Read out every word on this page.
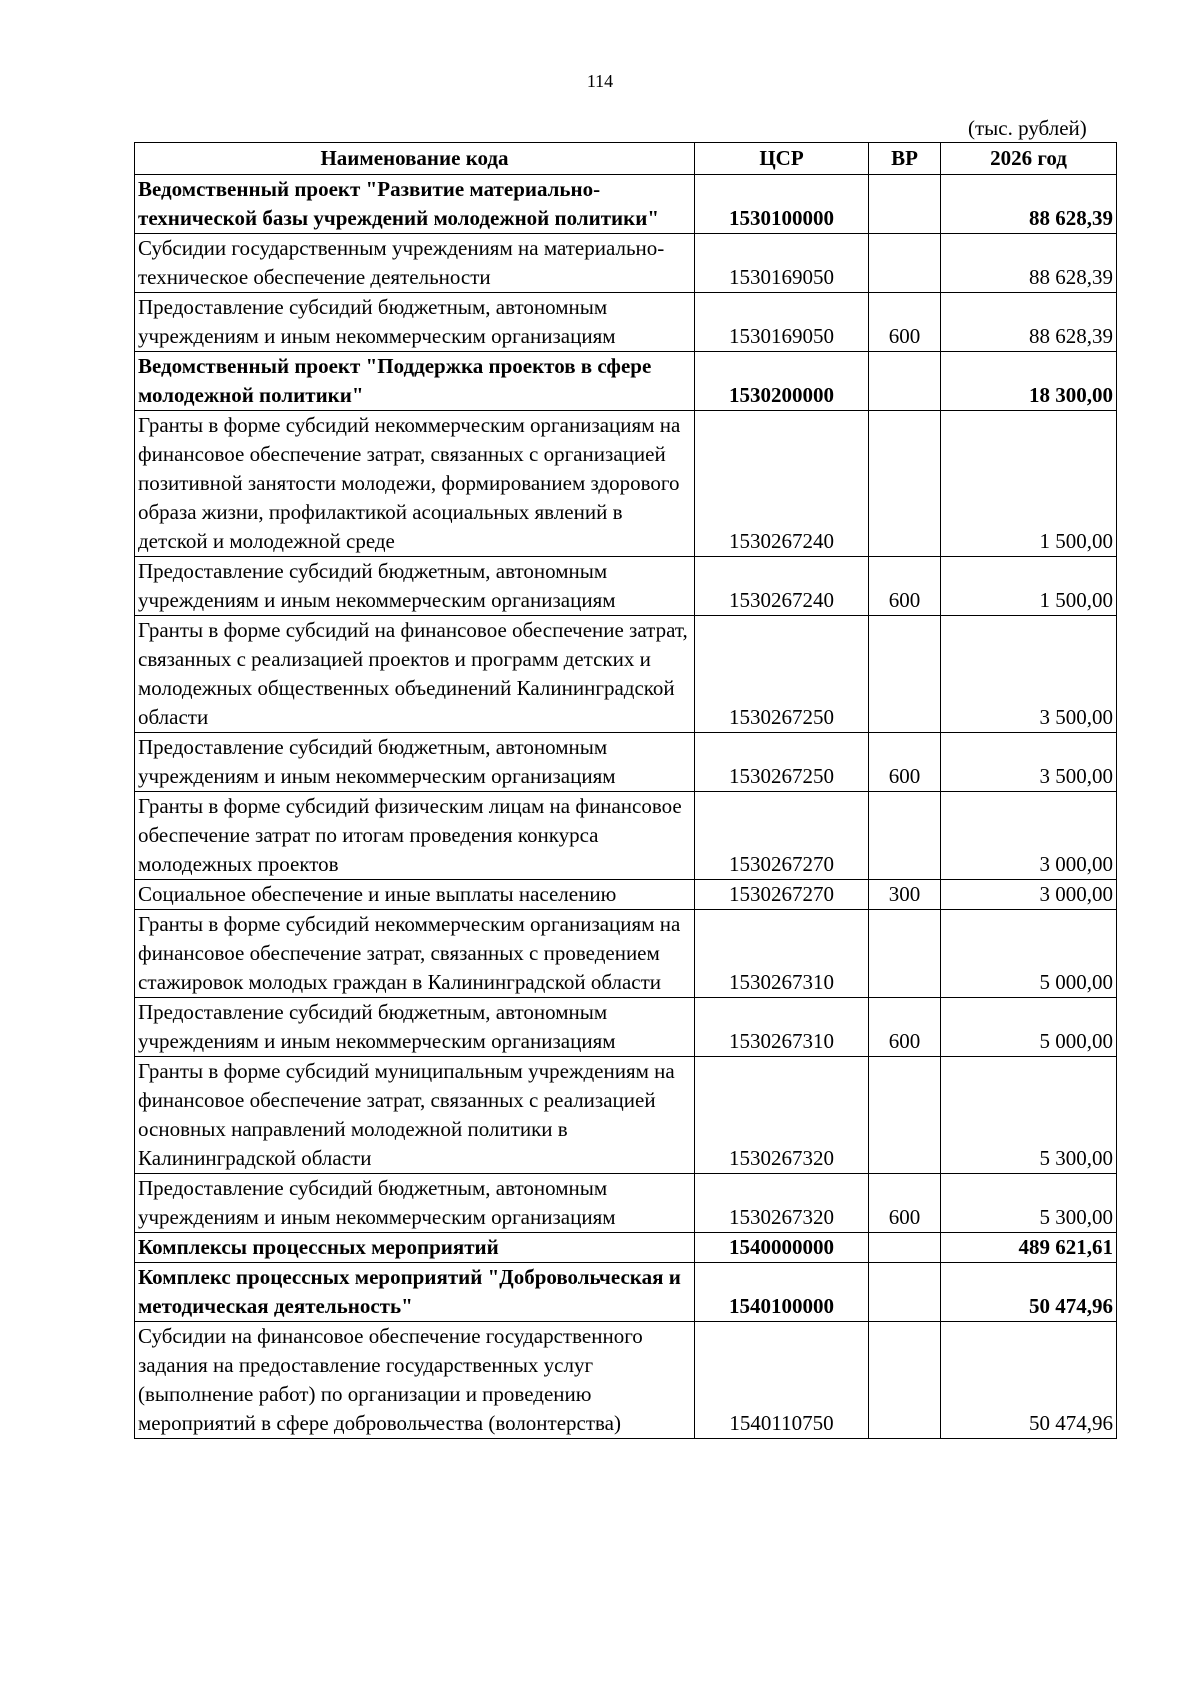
114
(тыс. рублей)
Наименование кода	ЦСР	ВР	2026 год
Ведомственный проект "Развитие материально-технической базы учреждений молодежной политики"	1530100000		88 628,39
Субсидии государственным учреждениям на материально-техническое обеспечение деятельности	1530169050		88 628,39
Предоставление субсидий бюджетным, автономным учреждениям и иным некоммерческим организациям	1530169050	600	88 628,39
Ведомственный проект "Поддержка проектов в сфере молодежной политики"	1530200000		18 300,00
Гранты в форме субсидий некоммерческим организациям на финансовое обеспечение затрат, связанных с организацией позитивной занятости молодежи, формированием здорового образа жизни, профилактикой асоциальных явлений в детской и молодежной среде	1530267240		1 500,00
Предоставление субсидий бюджетным, автономным учреждениям и иным некоммерческим организациям	1530267240	600	1 500,00
Гранты в форме субсидий на финансовое обеспечение затрат, связанных с реализацией проектов и программ детских и молодежных общественных объединений Калининградской области	1530267250		3 500,00
Предоставление субсидий бюджетным, автономным учреждениям и иным некоммерческим организациям	1530267250	600	3 500,00
Гранты в форме субсидий физическим лицам на финансовое обеспечение затрат по итогам проведения конкурса молодежных проектов	1530267270		3 000,00
Социальное обеспечение и иные выплаты населению	1530267270	300	3 000,00
Гранты в форме субсидий некоммерческим организациям на финансовое обеспечение затрат, связанных с проведением стажировок молодых граждан в Калининградской области	1530267310		5 000,00
Предоставление субсидий бюджетным, автономным учреждениям и иным некоммерческим организациям	1530267310	600	5 000,00
Гранты в форме субсидий муниципальным учреждениям на финансовое обеспечение затрат, связанных с реализацией основных направлений молодежной политики в Калининградской области	1530267320		5 300,00
Предоставление субсидий бюджетным, автономным учреждениям и иным некоммерческим организациям	1530267320	600	5 300,00
Комплексы процессных мероприятий	1540000000		489 621,61
Комплекс процессных мероприятий "Добровольческая и методическая деятельность"	1540100000		50 474,96
Субсидии на финансовое обеспечение государственного задания на предоставление государственных услуг (выполнение работ) по организации и проведению мероприятий в сфере добровольчества (волонтерства)	1540110750		50 474,96
